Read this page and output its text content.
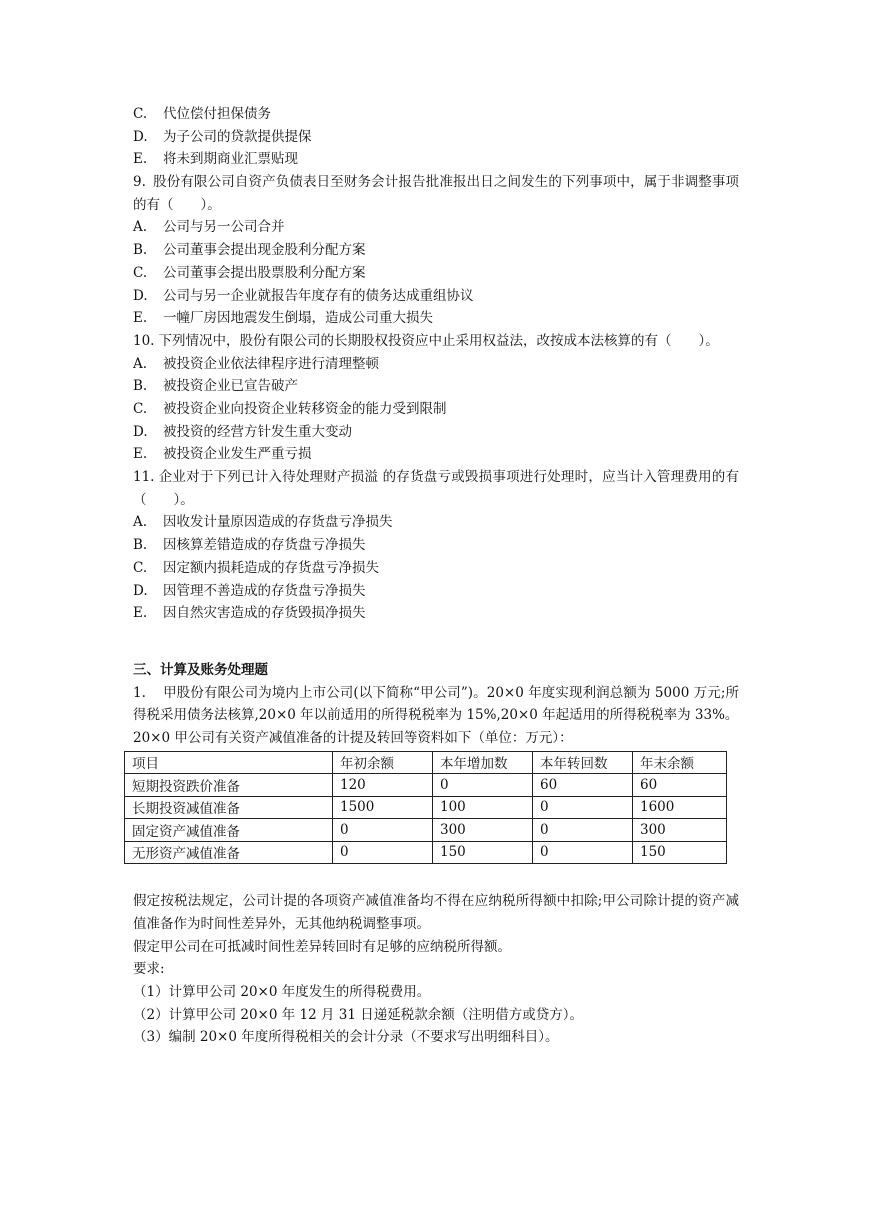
C. 代位偿付担保债务
D. 为子公司的贷款提供提保
E. 将未到期商业汇票贴现
9. 股份有限公司自资产负债表日至财务会计报告批准报出日之间发生的下列事项中，属于非调整事项的有（　　）。
A. 公司与另一公司合并
B. 公司董事会提出现金股利分配方案
C. 公司董事会提出股票股利分配方案
D. 公司与另一企业就报告年度存有的债务达成重组协议
E. 一幢厂房因地震发生倒塌，造成公司重大损失
10. 下列情况中，股份有限公司的长期股权投资应中止采用权益法，改按成本法核算的有（　　）。
A. 被投资企业依法律程序进行清理整顿
B. 被投资企业已宣告破产
C. 被投资企业向投资企业转移资金的能力受到限制
D. 被投资的经营方针发生重大变动
E. 被投资企业发生严重亏损
11. 企业对于下列已计入待处理财产损溢 的存货盘亏或毁损事项进行处理时，应当计入管理费用的有（　　）。
A. 因收发计量原因造成的存货盘亏净损失
B. 因核算差错造成的存货盘亏净损失
C. 因定额内损耗造成的存货盘亏净损失
D. 因管理不善造成的存货盘亏净损失
E. 因自然灾害造成的存货毁损净损失
三、计算及账务处理题
1. 甲股份有限公司为境内上市公司(以下简称“甲公司”)。20×0 年度实现利润总额为 5000 万元;所得税采用债务法核算,20×0 年以前适用的所得税税率为 15%,20×0 年起适用的所得税税率为 33%。
20×0 甲公司有关资产减值准备的计提及转回等资料如下（单位：万元）：
项目	年初余额	本年增加数	本年转回数	年末余额
短期投资跌价准备	120	0	60	60
长期投资减值准备	1500	100	0	1600
固定资产减值准备	0	300	0	300
无形资产减值准备	0	150	0	150
假定按税法规定，公司计提的各项资产减值准备均不得在应纳税所得额中扣除;甲公司除计提的资产减值准备作为时间性差异外，无其他纳税调整事项。
假定甲公司在可抵减时间性差异转回时有足够的应纳税所得额。
要求:
（1）计算甲公司 20×0 年度发生的所得税费用。
（2）计算甲公司 20×0 年 12 月 31 日递延税款余额（注明借方或贷方）。
（3）编制 20×0 年度所得税相关的会计分录（不要求写出明细科目）。
